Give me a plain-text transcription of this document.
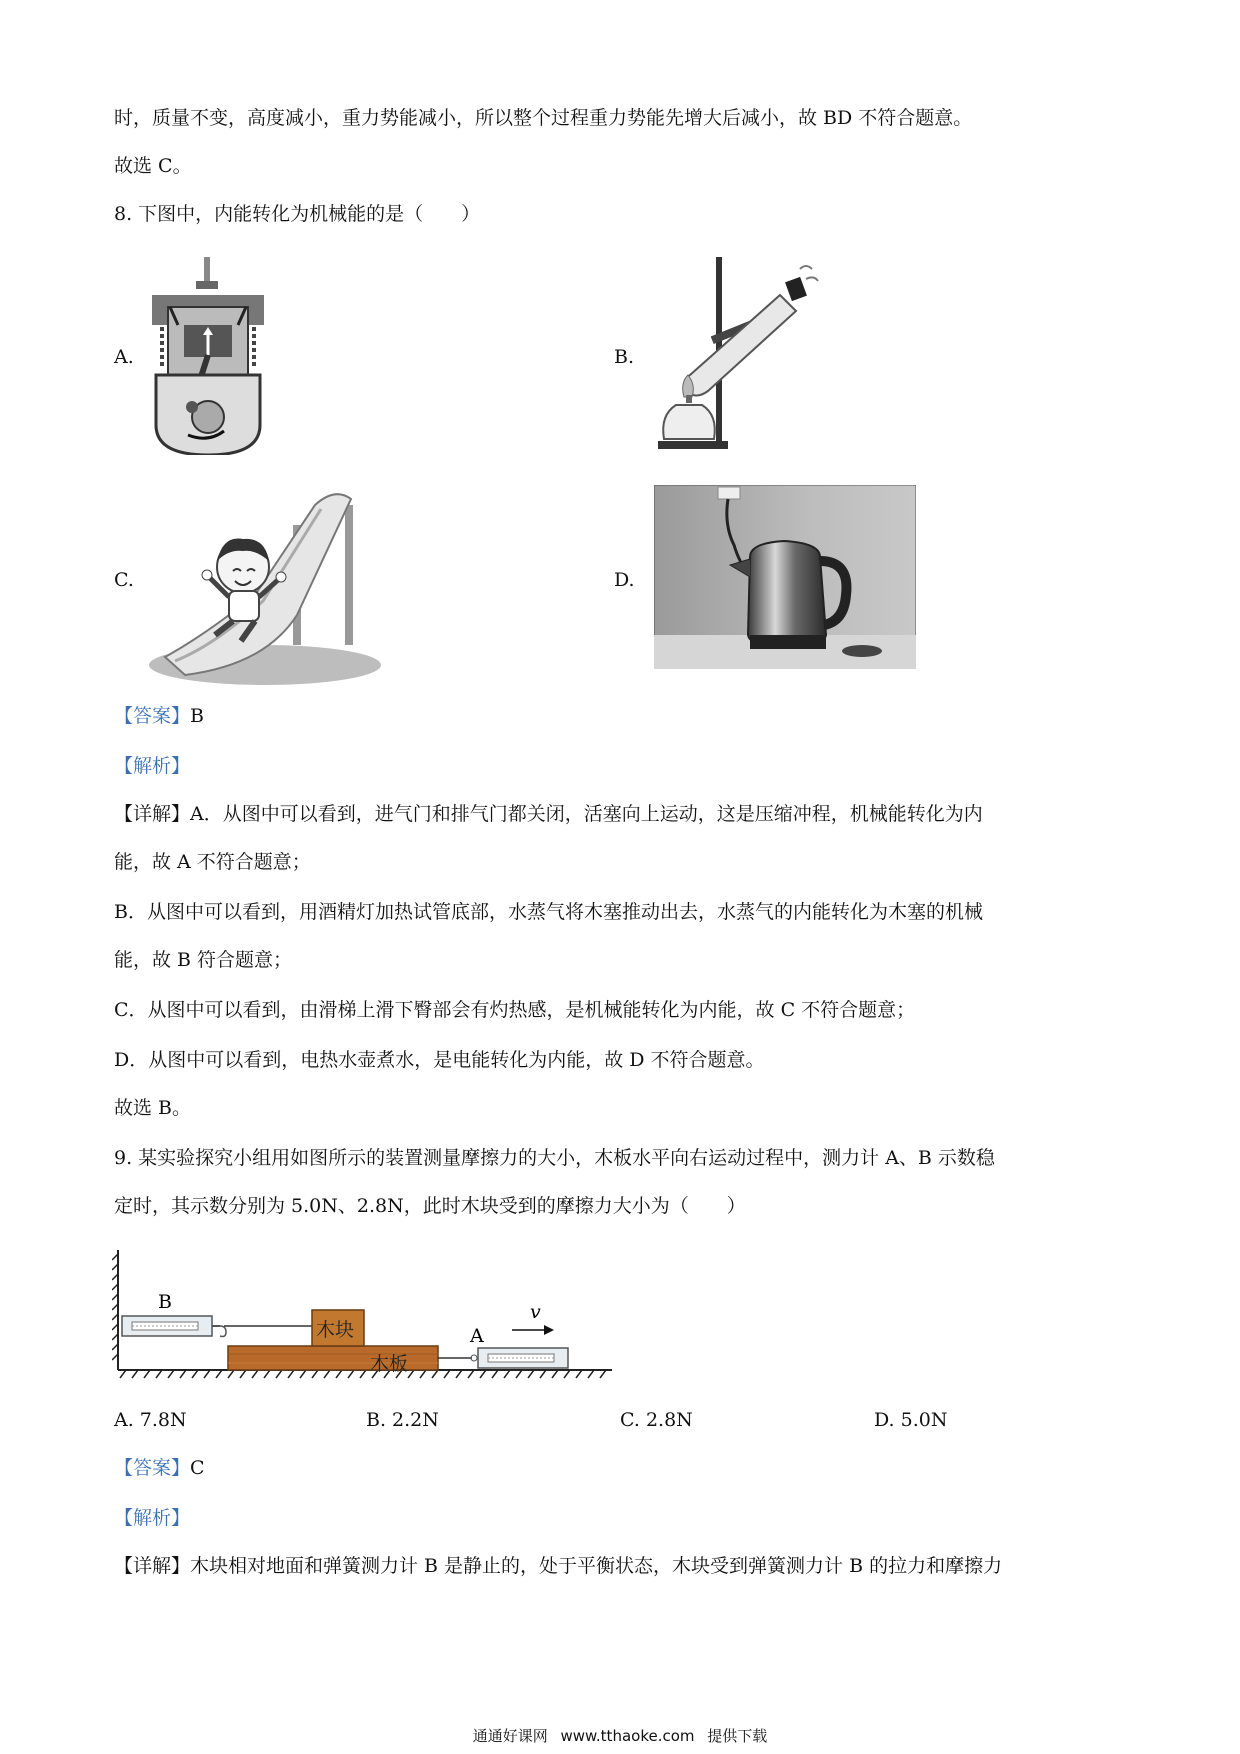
时，质量不变，高度减小，重力势能减小，所以整个过程重力势能先增大后减小，故 BD 不符合题意。
故选 C。
8. 下图中，内能转化为机械能的是（　　）
A.	B.
C.	D.
【答案】B
【解析】
【详解】A．从图中可以看到，进气门和排气门都关闭，活塞向上运动，这是压缩冲程，机械能转化为内
能，故 A 不符合题意；
B．从图中可以看到，用酒精灯加热试管底部，水蒸气将木塞推动出去，水蒸气的内能转化为木塞的机械
能，故 B 符合题意；
C．从图中可以看到，由滑梯上滑下臀部会有灼热感，是机械能转化为内能，故 C 不符合题意；
D．从图中可以看到，电热水壶煮水，是电能转化为内能，故 D 不符合题意。
故选 B。
9. 某实验探究小组用如图所示的装置测量摩擦力的大小，木板水平向右运动过程中，测力计 A、B 示数稳
定时，其示数分别为 5.0N、2.8N，此时木块受到的摩擦力大小为（　　）
B
木块
木板
A
v
A. 7.8N	B. 2.2N	C. 2.8N	D. 5.0N
【答案】C
【解析】
【详解】木块相对地面和弹簧测力计 B 是静止的，处于平衡状态，木块受到弹簧测力计 B 的拉力和摩擦力
通通好课网 www.tthaoke.com 提供下载
